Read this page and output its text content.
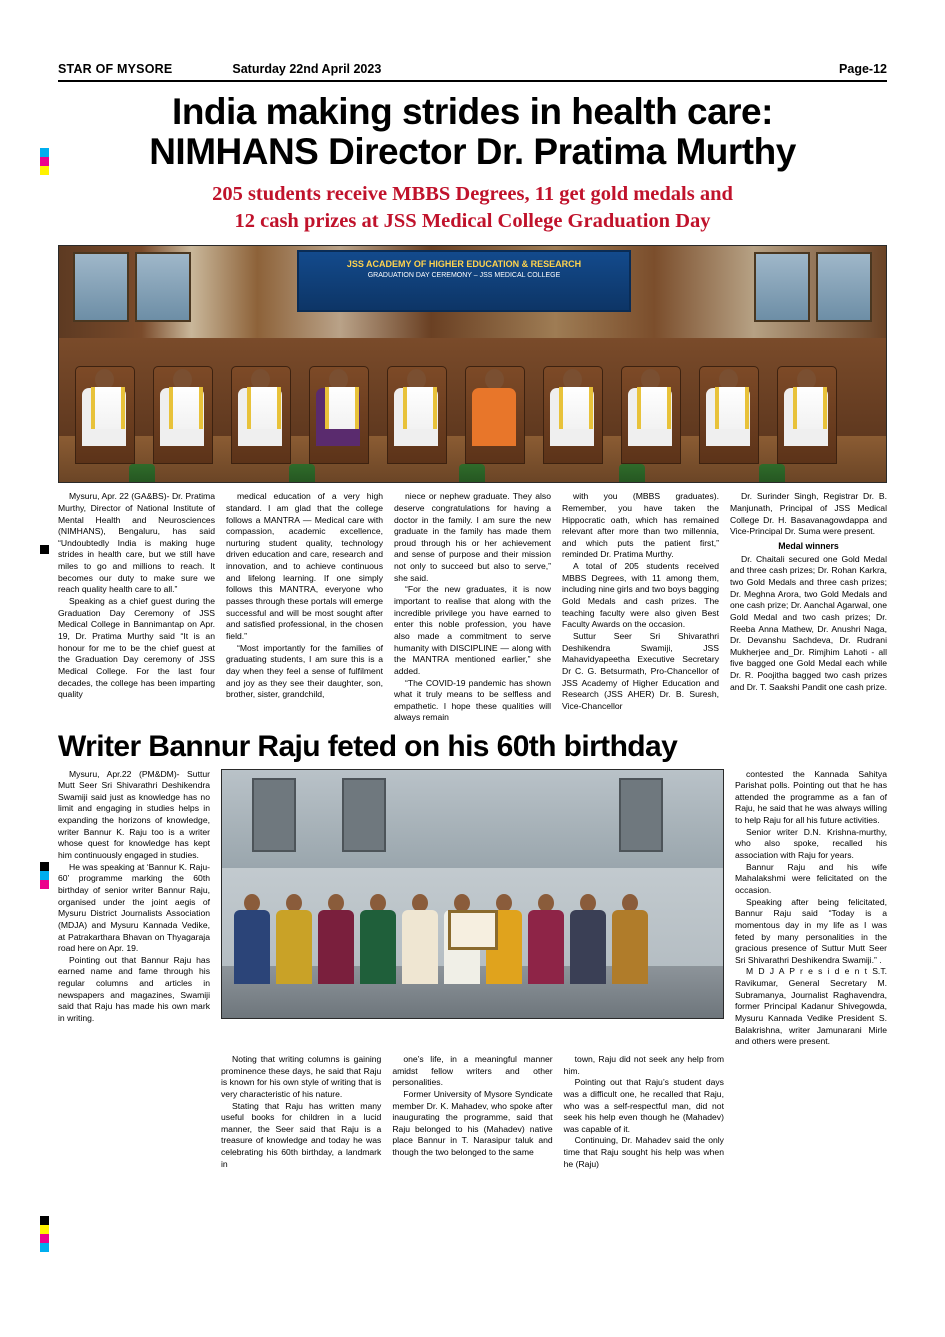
STAR OF MYSORE	Saturday 22nd April 2023	Page-12
India making strides in health care:
NIMHANS Director Dr. Pratima Murthy
205 students receive MBBS Degrees, 11 get gold medals and
12 cash prizes at JSS Medical College Graduation Day
JSS ACADEMY OF HIGHER EDUCATION & RESEARCH
GRADUATION DAY CEREMONY – JSS MEDICAL COLLEGE

Mysuru, Apr. 22 (GA&BS)- Dr. Pratima Murthy, Director of National Institute of Mental Health and Neurosciences (NIMHANS), Bengaluru, has said “Undoubtedly India is making huge strides in health care, but we still have miles to go and millions to reach. It becomes our duty to make sure we reach quality health care to all.”

Speaking as a chief guest during the Graduation Day Ceremony of JSS Medical College in Bannimantap on Apr. 19, Dr. Pratima Murthy said “It is an honour for me to be the chief guest at the Graduation Day ceremony of JSS Medical College. For the last four decades, the college has been imparting quality

medical education of a very high standard. I am glad that the college follows a MANTRA — Medical care with compassion, academic excellence, nurturing student quality, technology driven education and care, research and innovation, and to achieve continuous and lifelong learning. If one simply follows this MANTRA, everyone who passes through these portals will emerge successful and will be most sought after and satisfied professional, in the chosen field.”

“Most importantly for the families of graduating students, I am sure this is a day when they feel a sense of fulfilment and joy as they see their daughter, son, brother, sister, grandchild,

niece or nephew graduate. They also deserve congratulations for having a doctor in the family. I am sure the new graduate in the family has made them proud through his or her achievement and sense of purpose and their mission not only to succeed but also to serve,” she said.

“For the new graduates, it is now important to realise that along with the incredible privilege you have earned to enter this noble profession, you have also made a commitment to serve humanity with DISCIPLINE — along with the MANTRA mentioned earlier,” she added.

“The COVID-19 pandemic has shown what it truly means to be selfless and empathetic. I hope these qualities will always remain

with you (MBBS graduates). Remember, you have taken the Hippocratic oath, which has remained relevant after more than two millennia, and which puts the patient first,” reminded Dr. Pratima Murthy.

A total of 205 students received MBBS Degrees, with 11 among them, including nine girls and two boys bagging Gold Medals and cash prizes. The teaching faculty were also given Best Faculty Awards on the occasion.

Suttur Seer Sri Shivarathri Deshikendra Swamiji, JSS Mahavidyapeetha Executive Secretary Dr C. G. Betsurmath, Pro-Chancellor of JSS Academy of Higher Education and Research (JSS AHER) Dr. B. Suresh, Vice-Chancellor

Dr. Surinder Singh, Registrar Dr. B. Manjunath, Principal of JSS Medical College Dr. H. Basavanagowdappa and Vice-Principal Dr. Suma were present.

Medal winners

Dr. Chaitali secured one Gold Medal and three cash prizes; Dr. Rohan Karkra, two Gold Medals and three cash prizes; Dr. Meghna Arora, two Gold Medals and one cash prize; Dr. Aanchal Agarwal, one Gold Medal and two cash prizes; Dr. Reeba Anna Mathew, Dr. Anushri Naga, Dr. Devanshu Sachdeva, Dr. Rudrani Mukherjee and_Dr. Rimjhim Lahoti - all five bagged one Gold Medal each while Dr. R. Poojitha bagged two cash prizes and Dr. T. Saakshi Pandit one cash prize.

Writer Bannur Raju feted on his 60th birthday

Mysuru, Apr.22 (PM&DM)- Suttur Mutt Seer Sri Shivarathri Deshikendra Swamiji said just as knowledge has no limit and engaging in studies helps in expanding the horizons of knowledge, writer Bannur K. Raju too is a writer whose quest for knowledge has kept him continuously engaged in studies.

He was speaking at ‘Bannur K. Raju-60’ programme marking the 60th birthday of senior writer Bannur Raju, organised under the joint aegis of Mysuru District Journalists Association (MDJA) and Mysuru Kannada Vedike, at Patrakarthara Bhavan on Thyagaraja road here on Apr. 19.

Pointing out that Bannur Raju has earned name and fame through his regular columns and articles in newspapers and magazines, Swamiji said that Raju has made his own mark in writing.

contested the Kannada Sahitya Parishat polls. Pointing out that he has attended the programme as a fan of Raju, he said that he was always willing to help Raju for all his future activities.

Senior writer D.N. Krishna-murthy, who also spoke, recalled his association with Raju for years.

Bannur Raju and his wife Mahalakshmi were felicitated on the occasion.

Speaking after being felicitated, Bannur Raju said “Today is a momentous day in my life as I was feted by many personalities in the gracious presence of Suttur Mutt Seer Sri Shivarathri Deshikendra Swamiji.” .

M D J A P r e s i d e n t S.T. Ravikumar, General Secretary M. Subramanya, Journalist Raghavendra, former Principal Kadanur Shivegowda, Mysuru Kannada Vedike President S. Balakrishna, writer Jamunarani Mirle and others were present.

Noting that writing columns is gaining prominence these days, he said that Raju is known for his own style of writing that is very characteristic of his nature.

Stating that Raju has written many useful books for children in a lucid manner, the Seer said that Raju is a treasure of knowledge and today he was celebrating his 60th birthday, a landmark in

one’s life, in a meaningful manner amidst fellow writers and other personalities.

Former University of Mysore Syndicate member Dr. K. Mahadev, who spoke after inaugurating the programme, said that Raju belonged to his (Mahadev) native place Bannur in T. Narasipur taluk and though the two belonged to the same

town, Raju did not seek any help from him.

Pointing out that Raju’s student days was a difficult one, he recalled that Raju, who was a self-respectful man, did not seek his help even though he (Mahadev) was capable of it.

Continuing, Dr. Mahadev said the only time that Raju sought his help was when he (Raju)
